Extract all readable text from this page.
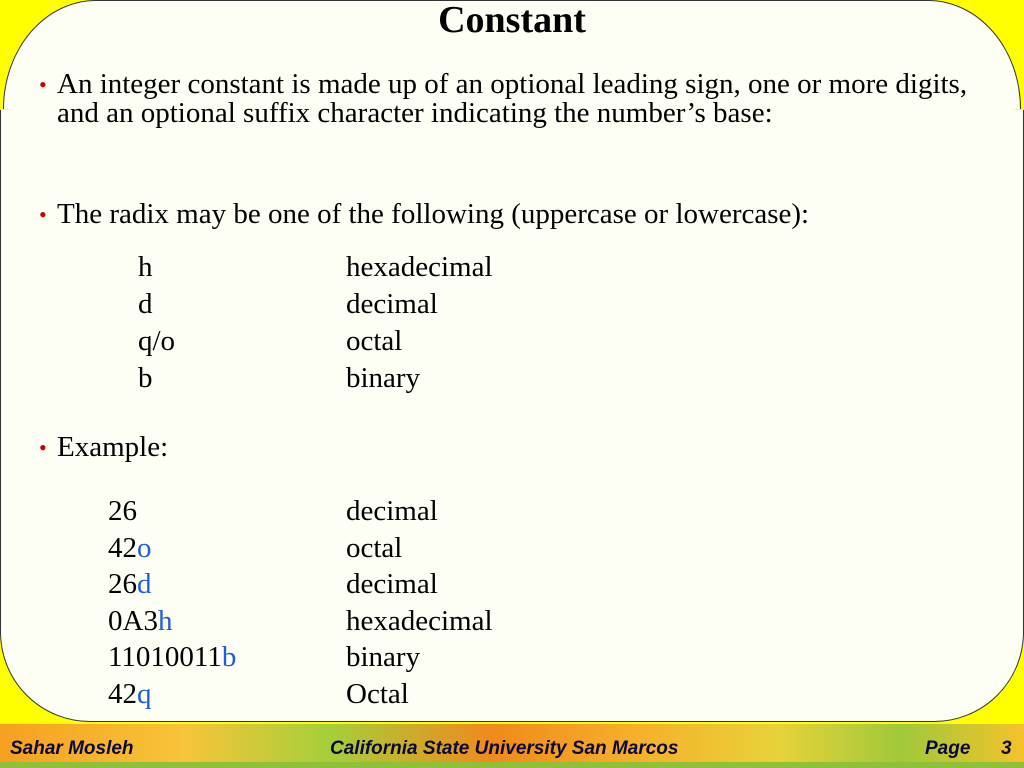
Constant
• An integer constant is made up of an optional leading sign, one or more digits, and an optional suffix character indicating the number’s base:
• The radix may be one of the following (uppercase or lowercase):
h	hexadecimal
d	decimal
q/o	octal
b	binary
• Example:
26	decimal
42o	octal
26d	decimal
0A3h	hexadecimal
11010011b	binary
42q	Octal
Sahar Mosleh	California State University San Marcos	Page 3
